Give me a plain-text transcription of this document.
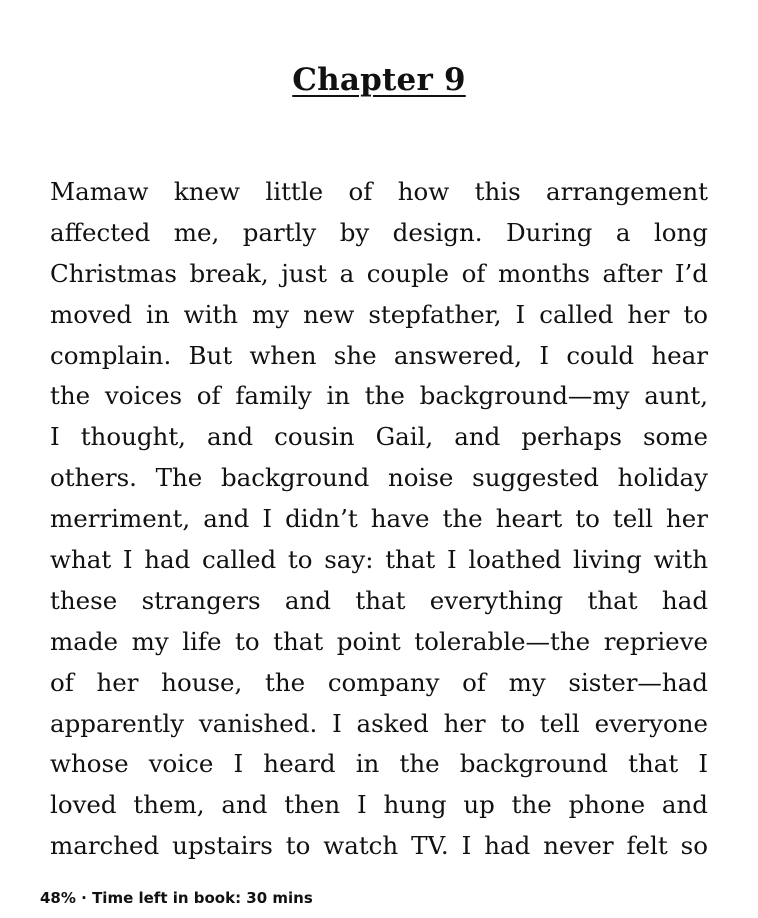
Chapter 9
Mamaw knew little of how this arrangement
affected me, partly by design. During a long
Christmas break, just a couple of months after I’d
moved in with my new stepfather, I called her to
complain. But when she answered, I could hear
the voices of family in the background—my aunt,
I thought, and cousin Gail, and perhaps some
others. The background noise suggested holiday
merriment, and I didn’t have the heart to tell her
what I had called to say: that I loathed living with
these strangers and that everything that had
made my life to that point tolerable—the reprieve
of her house, the company of my sister—had
apparently vanished. I asked her to tell everyone
whose voice I heard in the background that I
loved them, and then I hung up the phone and
marched upstairs to watch TV. I had never felt so
48% · Time left in book: 30 mins
